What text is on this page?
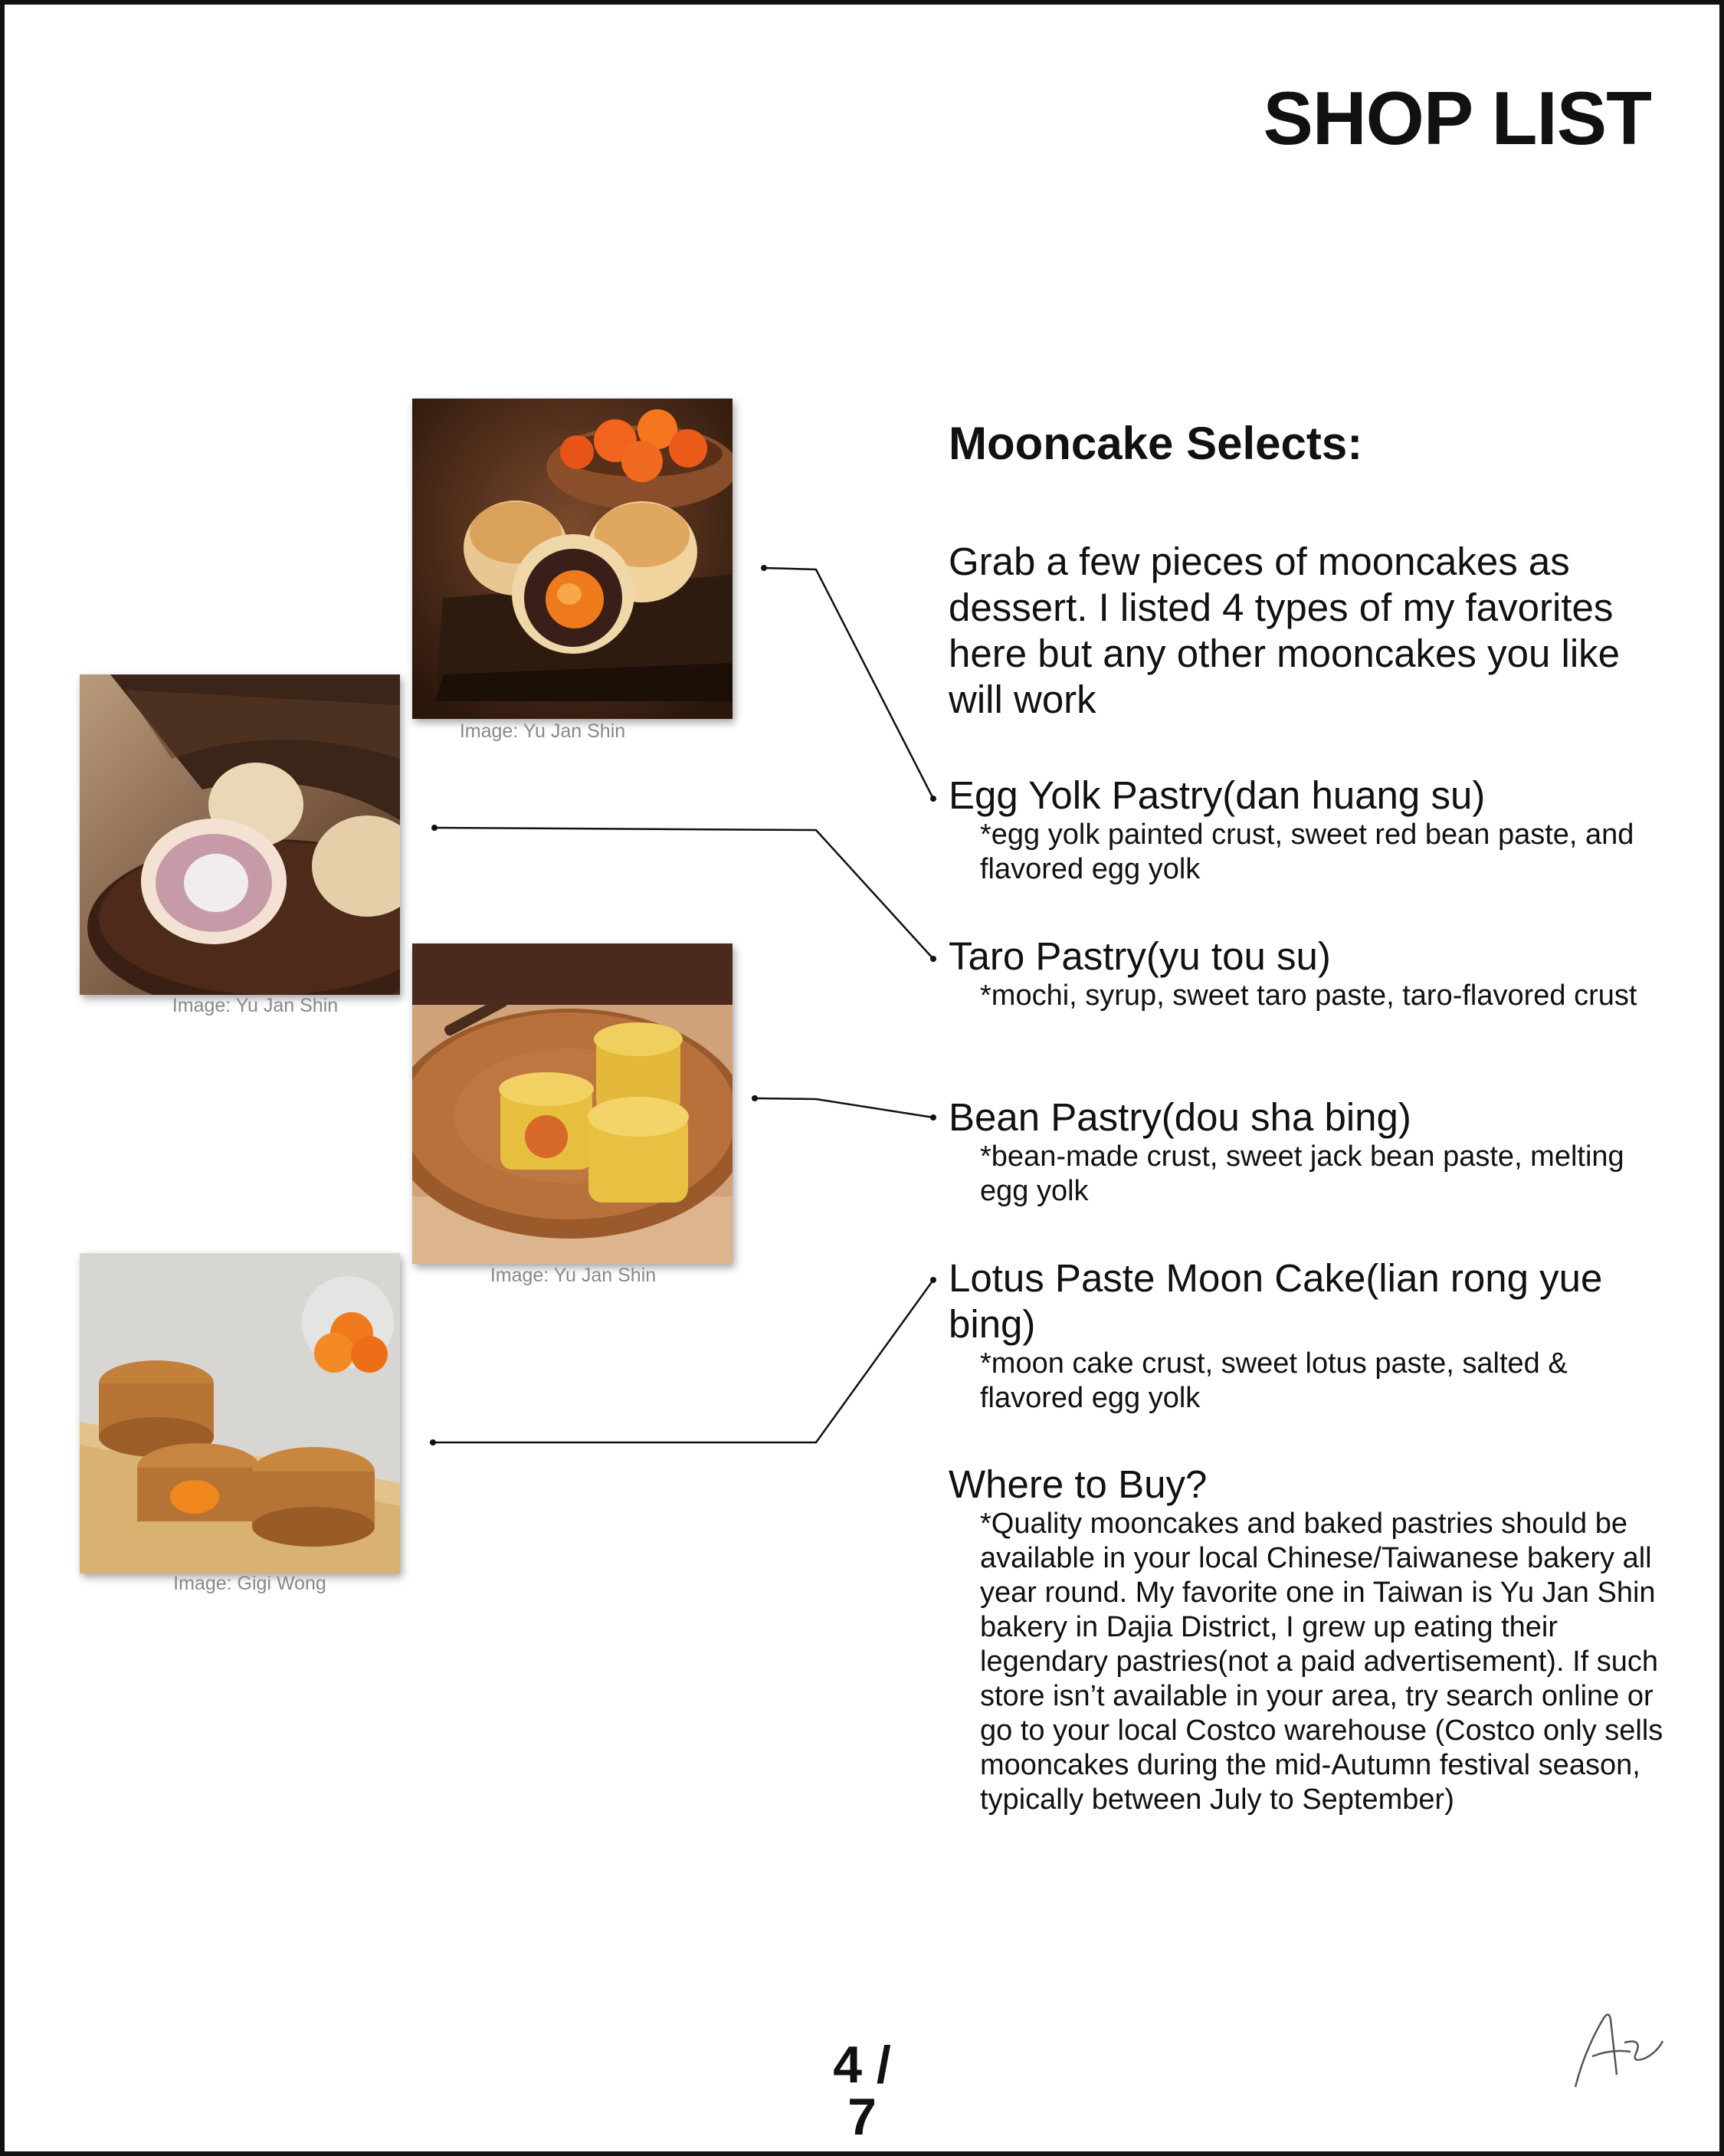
SHOP LIST
Image: Yu Jan Shin
Image: Yu Jan Shin
Image: Yu Jan Shin
Image: Gigi Wong
Mooncake Selects:

Grab a few pieces of mooncakes as dessert. I listed 4 types of my favorites here but any other mooncakes you like will work

Egg Yolk Pastry(dan huang su)

*egg yolk painted crust, sweet red bean paste, and flavored egg yolk

Taro Pastry(yu tou su)

*mochi, syrup, sweet taro paste, taro-flavored crust

Bean Pastry(dou sha bing)

*bean-made crust, sweet jack bean paste, melting egg yolk

Lotus Paste Moon Cake(lian rong yue bing)

*moon cake crust, sweet lotus paste, salted & flavored egg yolk

Where to Buy?

*Quality mooncakes and baked pastries should be available in your local Chinese/Taiwanese bakery all year round. My favorite one in Taiwan is Yu Jan Shin bakery in Dajia District, I grew up eating their legendary pastries(not a paid advertisement). If such store isn’t available in your area, try search online or go to your local Costco warehouse (Costco only sells mooncakes during the mid-Autumn festival season, typically between July to September)

4 / 7
